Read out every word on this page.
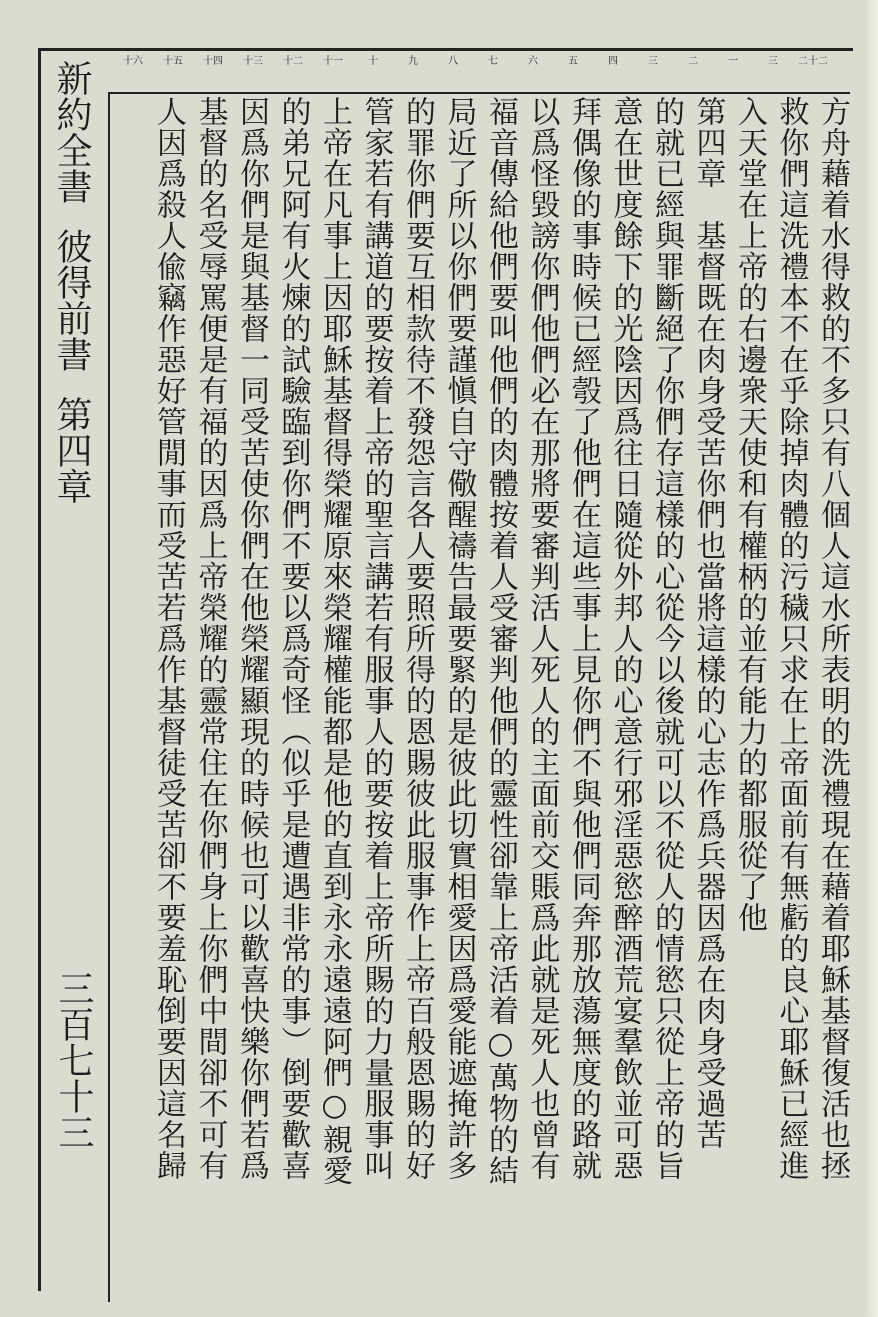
十六	十五	十四	十三	十二	十一	十	九	八	七	六	五	四	三	二	一	三	二十二
新約全書彼得前書第四章
三百七十三	方舟藉着水得救的不多只有八個人這水所表明的洗禮現在藉着耶穌基督復活也拯
救你們這洗禮本不在乎除掉肉體的污穢只求在上帝面前有無虧的良心耶穌已經進
入天堂在上帝的右邊衆天使和有權柄的並有能力的都服從了他
第四章　基督既在肉身受苦你們也當將這樣的心志作爲兵器因爲在肉身受過苦
的就已經與罪斷絕了你們存這樣的心從今以後就可以不從人的情慾只從上帝的旨
意在世度餘下的光陰因爲往日隨從外邦人的心意行邪淫惡慾醉酒荒宴羣飲並可惡
拜偶像的事時候已經彀了他們在這些事上見你們不與他們同奔那放蕩無度的路就
以爲怪毀謗你們他們必在那將要審判活人死人的主面前交賬爲此就是死人也曾有
福音傳給他們要叫他們的肉體按着人受審判他們的靈性卻靠上帝活着○萬物的結
局近了所以你們要謹愼自守儆醒禱告最要緊的是彼此切實相愛因爲愛能遮掩許多
的罪你們要互相款待不發怨言各人要照所得的恩賜彼此服事作上帝百般恩賜的好
管家若有講道的要按着上帝的聖言講若有服事人的要按着上帝所賜的力量服事叫
上帝在凡事上因耶穌基督得榮耀原來榮耀權能都是他的直到永永遠遠阿們○親愛
的弟兄阿有火煉的試驗臨到你們不要以爲奇怪（似乎是遭遇非常的事）倒要歡喜
因爲你們是與基督一同受苦使你們在他榮耀顯現的時候也可以歡喜快樂你們若爲
基督的名受辱罵便是有福的因爲上帝榮耀的靈常住在你們身上你們中間卻不可有
人因爲殺人偸竊作惡好管閒事而受苦若爲作基督徒受苦卻不要羞恥倒要因這名歸
